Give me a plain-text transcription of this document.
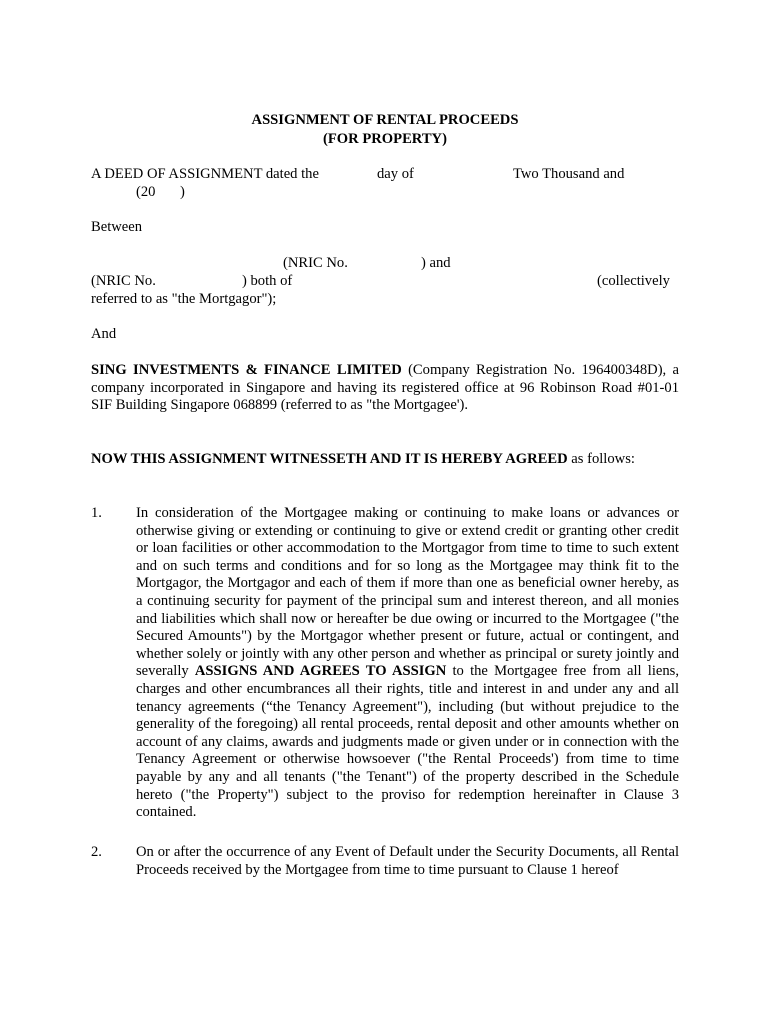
ASSIGNMENT OF RENTAL PROCEEDS
(FOR PROPERTY)
A DEED OF ASSIGNMENT dated the	day of	Two Thousand and
(20 )
Between
(NRIC No.	) and
(NRIC No.	) both of	(collectively
referred to as "the Mortgagor");
And
SING INVESTMENTS & FINANCE LIMITED (Company Registration No. 196400348D), a company incorporated in Singapore and having its registered office at 96 Robinson Road #01-01 SIF Building Singapore 068899 (referred to as "the Mortgagee').
NOW THIS ASSIGNMENT WITNESSETH AND IT IS HEREBY AGREED as follows:
1. In consideration of the Mortgagee making or continuing to make loans or advances or otherwise giving or extending or continuing to give or extend credit or granting other credit or loan facilities or other accommodation to the Mortgagor from time to time to such extent and on such terms and conditions and for so long as the Mortgagee may think fit to the Mortgagor, the Mortgagor and each of them if more than one as beneficial owner hereby, as a continuing security for payment of the principal sum and interest thereon, and all monies and liabilities which shall now or hereafter be due owing or incurred to the Mortgagee ("the Secured Amounts") by the Mortgagor whether present or future, actual or contingent, and whether solely or jointly with any other person and whether as principal or surety jointly and severally ASSIGNS AND AGREES TO ASSIGN to the Mortgagee free from all liens, charges and other encumbrances all their rights, title and interest in and under any and all tenancy agreements (“the Tenancy Agreement"), including (but without prejudice to the generality of the foregoing) all rental proceeds, rental deposit and other amounts whether on account of any claims, awards and judgments made or given under or in connection with the Tenancy Agreement or otherwise howsoever ("the Rental Proceeds') from time to time payable by any and all tenants ("the Tenant") of the property described in the Schedule hereto ("the Property") subject to the proviso for redemption hereinafter in Clause 3 contained.
2. On or after the occurrence of any Event of Default under the Security Documents, all Rental Proceeds received by the Mortgagee from time to time pursuant to Clause 1 hereof
